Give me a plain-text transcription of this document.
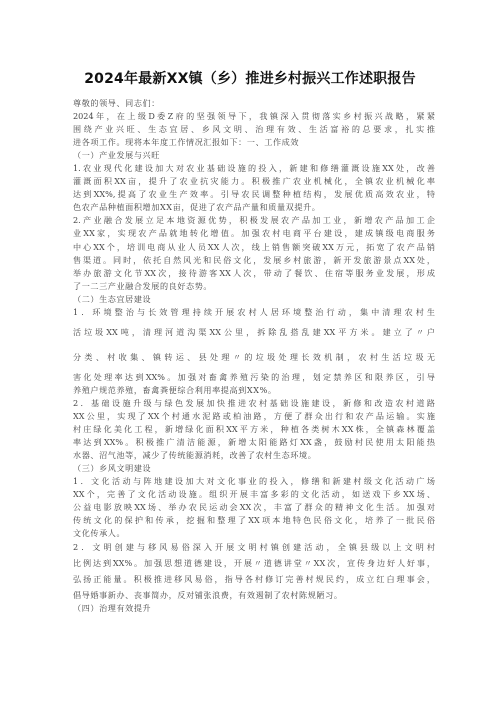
2024年最新XX镇（乡）推进乡村振兴工作述职报告
尊敬的领导、同志们：
2024年，在上级D委Z府的坚强领导下，我镇深入贯彻落实乡村振兴战略，紧紧
围绕产业兴旺、生态宜居、乡风文明、治理有效、生活富裕的总要求，扎实推
进各项工作。现将本年度工作情况汇报如下：一、工作成效
（一）产业发展与兴旺
1.农业现代化建设加大对农业基础设施的投入，新建和修缮灌溉设施XX处，改善
灌溉面积XX亩，提升了农业抗灾能力。积极推广农业机械化，全镇农业机械化率
达到XX%,提高了农业生产效率。引导农民调整种植结构，发展优质高效农业，特
色农产品种植面积增加XX亩，促进了农产品产量和质量双提升。
2.产业融合发展立足本地资源优势，积极发展农产品加工业，新增农产品加工企
业XX家，实现农产品就地转化增值。加强农村电商平台建设，建成镇级电商服务
中心XX个，培训电商从业人员XX人次，线上销售额突破XX万元，拓宽了农产品销
售渠道。同时，依托自然风光和民俗文化，发展乡村旅游，新开发旅游景点XX处，
举办旅游文化节XX次，接待游客XX人次，带动了餐饮、住宿等服务业发展，形成
了一二三产业融合发展的良好态势。
（二）生态宜居建设
1．环境整治与长效管理持续开展农村人居环境整治行动，集中清理农村生
活垃圾XX吨，清理河道沟渠XX公里，拆除乱搭乱建XX平方米。建立了〃户
分类、村收集、镇转运、县处理〃的垃圾处理长效机制，农村生活垃圾无
害化处理率达到XX%。加强对畜禽养殖污染的治理，划定禁养区和限养区，引导
养殖户规范养殖，畜禽粪便综合利用率提高到XX%。
2．基础设施升级与绿色发展加快推进农村基础设施建设，新修和改造农村道路
XX公里，实现了XX个村通水泥路或柏油路，方便了群众出行和农产品运输。实施
村庄绿化美化工程，新增绿化面积XX平方米，种植各类树木XX株，全镇森林覆盖
率达到XX%。积极推广清洁能源，新增太阳能路灯XX盏，鼓励村民使用太阳能热
水器、沼气池等，减少了传统能源消耗，改善了农村生态环境。
（三）乡风文明建设
1．文化活动与阵地建设加大对文化事业的投入，修缮和新建村级文化活动广场
XX个，完善了文化活动设施。组织开展丰富多彩的文化活动，如送戏下乡XX场、
公益电影放映XX场、举办农民运动会XX次，丰富了群众的精神文化生活。加强对
传统文化的保护和传承，挖掘和整理了XX项本地特色民俗文化，培养了一批民俗
文化传承人。
2．文明创建与移风易俗深入开展文明村镇创建活动，全镇县级以上文明村
比例达到XX%。加强思想道德建设，开展〃道德讲堂〃XX次，宣传身边好人好事，
弘扬正能量。积极推进移风易俗，指导各村修订完善村规民约，成立红白理事会，
倡导婚事新办、丧事简办，反对铺张浪费，有效遏制了农村陈规陋习。
（四）治理有效提升
